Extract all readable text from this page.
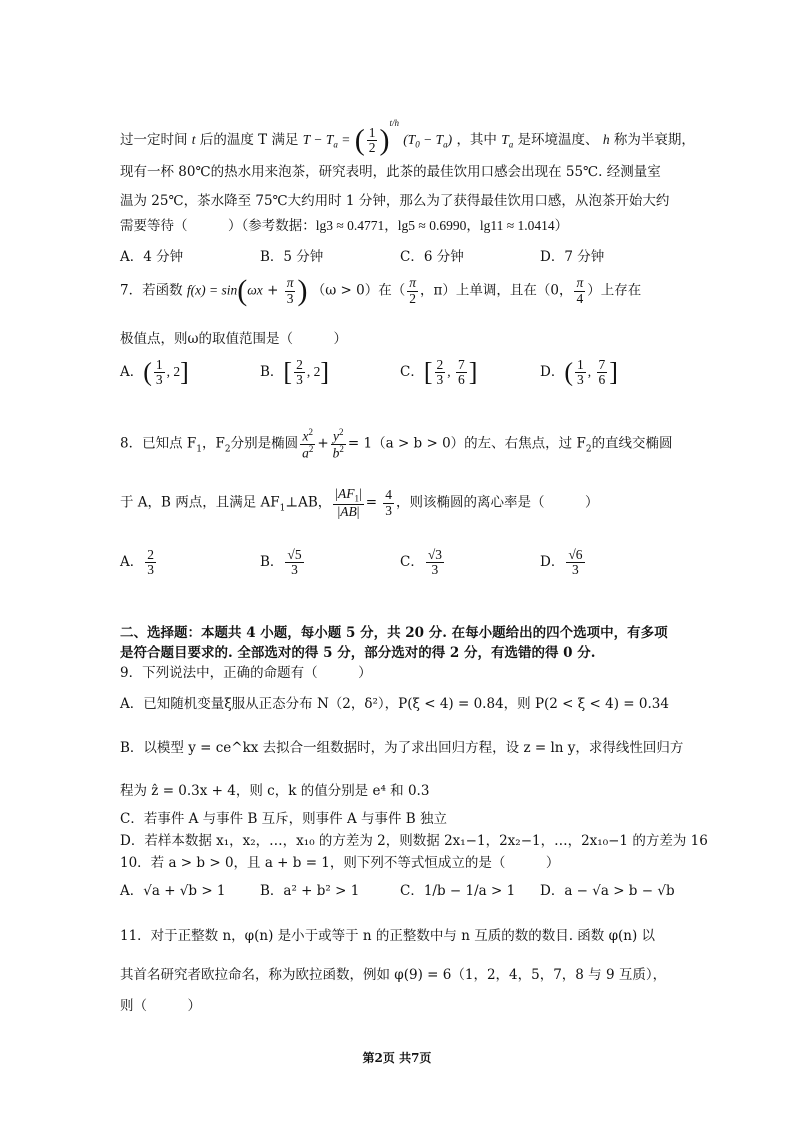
过一定时间 t 后的温度 T 满足 $T - T_a$ = ( $\frac{1}{2} )^{t/h}$ $(T_0 - T_a)$ ，其中 $T_a$ 是环境温度、 h 称为半衰期，
现有一杯 80℃的热水用来泡茶，研究表明，此茶的最佳饮用口感会出现在 55℃. 经测量室
温为 25℃，茶水降至 75℃大约用时 1 分钟，那么为了获得最佳饮用口感，从泡茶开始大约
需要等待（　　　）（参考数据：lg3 ≈ 0.4771，lg5 ≈ 0.6990，lg11 ≈ 1.0414）
A．4 分钟	B．5 分钟	C．6 分钟	D．7 分钟
7．若函数 $f(x) = \sin(\omega x + \frac{\pi}{3}$ ) （ω > 0）在（ $\frac{\pi}{2}$ ，π）上单调，且在（0， $\frac{\pi}{4}$ ）上存在
极值点，则ω的取值范围是（　　　）
A．( $\frac{1}{3}$ , 2]	B．[ $\frac{2}{3}$ , 2]	C．[ $\frac{2}{3}$ , $\frac{7}{6}$ ]	D．( $\frac{1}{3}$ , $\frac{7}{6}$ ]
8．已知点 $F_1$，$F_2$分别是椭圆 $\frac{x^2}{a^2} + \frac{y^2}{b^2} = 1(a > b > 0)$的左、右焦点，过 $F_2$的直线交椭圆
于 A，B 两点，且满足 $AF_1\perp AB$， $\frac{|AF_1|}{|AB|} = \frac{4}{3}$ ，则该椭圆的离心率是（　　　）
A． $\frac{2}{3}$	B． $\frac{√5}{3}$	C． $\frac{√3}{3}$	D． $\frac{√6}{3}$
二、选择题：本题共 4 小题，每小题 5 分，共 20 分. 在每小题给出的四个选项中，有多项
是符合题目要求的. 全部选对的得 5 分，部分选对的得 2 分，有选错的得 0 分.
9．下列说法中，正确的命题有（　　　）
A．已知随机变量ξ服从正态分布 N（2，δ²），P(ξ < 4) = 0.84，则 P(2 < ξ < 4) = 0.34
B．以模型 y = ce^kx 去拟合一组数据时，为了求出回归方程，设 z = ln y，求得线性回归方
程为 ẑ = 0.3x + 4，则 c，k 的值分别是 e⁴ 和 0.3
C．若事件 A 与事件 B 互斥，则事件 A 与事件 B 独立
D．若样本数据 x₁，x₂，…，x₁₀ 的方差为 2，则数据 2x₁−1，2x₂−1，…，2x₁₀−1 的方差为 16
10．若 a > b > 0，且 a + b = 1，则下列不等式恒成立的是（　　　）
A．√a + √b > 1	B．a² + b² > 1	C．1/b − 1/a > 1 D．a − √a > b − √b
11．对于正整数 n，φ(n) 是小于或等于 n 的正整数中与 n 互质的数的数目. 函数 φ(n) 以
其首名研究者欧拉命名，称为欧拉函数，例如 φ(9) = 6（1，2，4，5，7，8 与 9 互质），
则（　　　）
第2页 共7页
